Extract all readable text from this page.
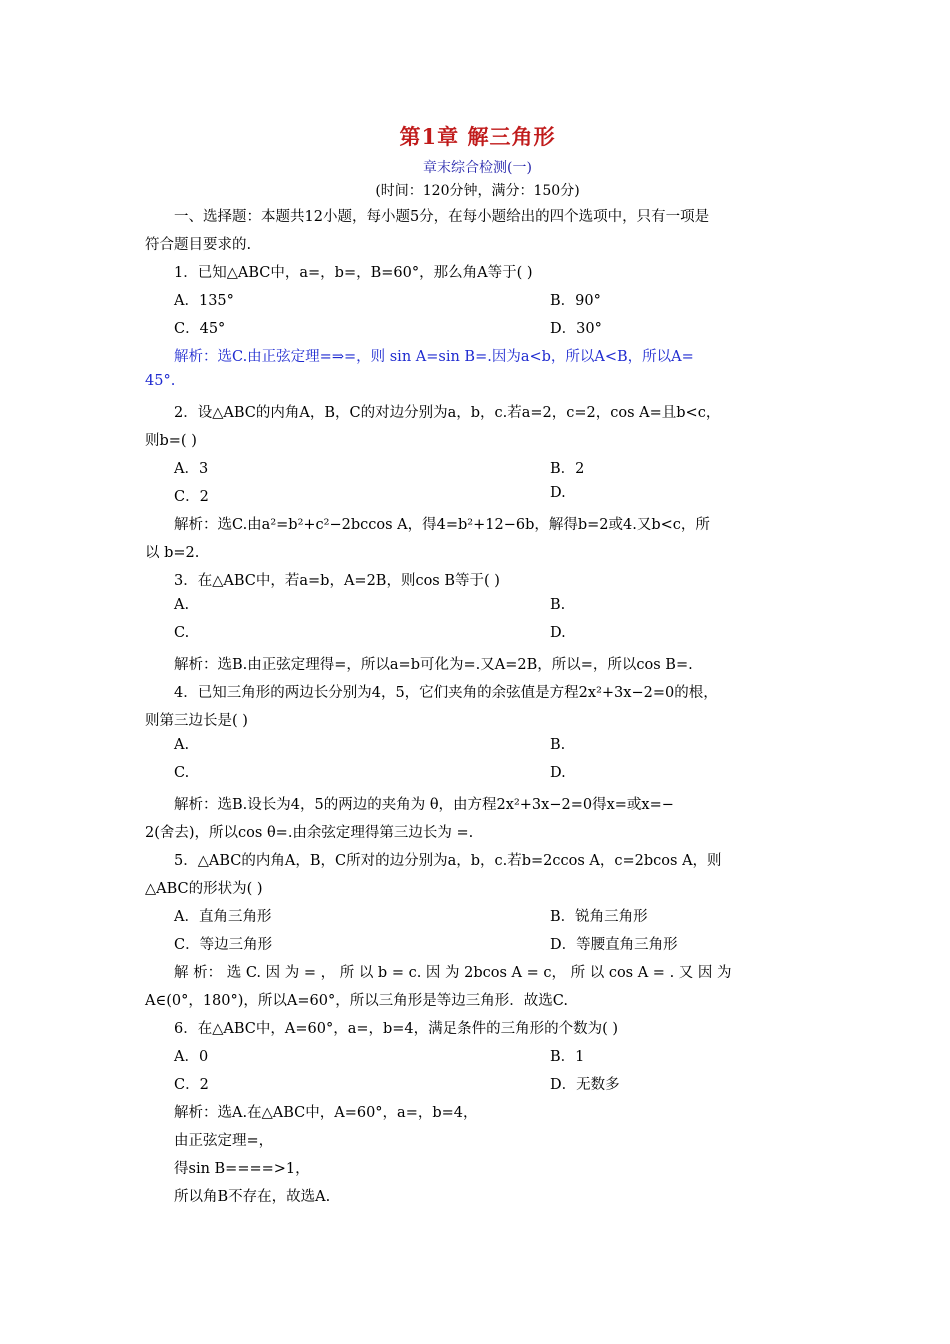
第1章 解三角形
章末综合检测(一)
(时间：120分钟，满分：150分)
一、选择题：本题共12小题，每小题5分，在每小题给出的四个选项中，只有一项是
符合题目要求的.
1．已知△ABC中，a=，b=，B=60°，那么角A等于( )
A．135°	B．90°
C．45°	D．30°
解析：选C.由正弦定理=⇒=，则 sin A=sin B=.因为a<b，所以A<B，所以A=
45°.
2．设△ABC的内角A，B，C的对边分别为a，b，c.若a=2，c=2，cos A=且b<c，
则b=( )
A．3	B．2
C．2	D.
解析：选C.由a²=b²+c²−2bccos A，得4=b²+12−6b，解得b=2或4.又b<c，所
以 b=2.
3．在△ABC中，若a=b，A=2B，则cos B等于( )
A.	B.
C.	D.
解析：选B.由正弦定理得=，所以a=b可化为=.又A=2B，所以=，所以cos B=.
4．已知三角形的两边长分别为4，5，它们夹角的余弦值是方程2x²+3x−2=0的根，
则第三边长是( )
A.	B.
C.	D.
解析：选B.设长为4，5的两边的夹角为 θ，由方程2x²+3x−2=0得x=或x=−
2(舍去)，所以cos θ=.由余弦定理得第三边长为 =.
5．△ABC的内角A，B，C所对的边分别为a，b，c.若b=2ccos A，c=2bcos A，则
△ABC的形状为( )
A．直角三角形	B．锐角三角形
C．等边三角形	D．等腰直角三角形
解 析： 选 C. 因 为 = ， 所 以 b = c. 因 为 2bcos A = c， 所 以 cos A = . 又 因 为
A∈(0°，180°)，所以A=60°，所以三角形是等边三角形．故选C.
6．在△ABC中，A=60°，a=，b=4，满足条件的三角形的个数为( )
A．0	B．1
C．2	D．无数多
解析：选A.在△ABC中，A=60°，a=，b=4，
由正弦定理=，
得sin B====>1，
所以角B不存在，故选A.
